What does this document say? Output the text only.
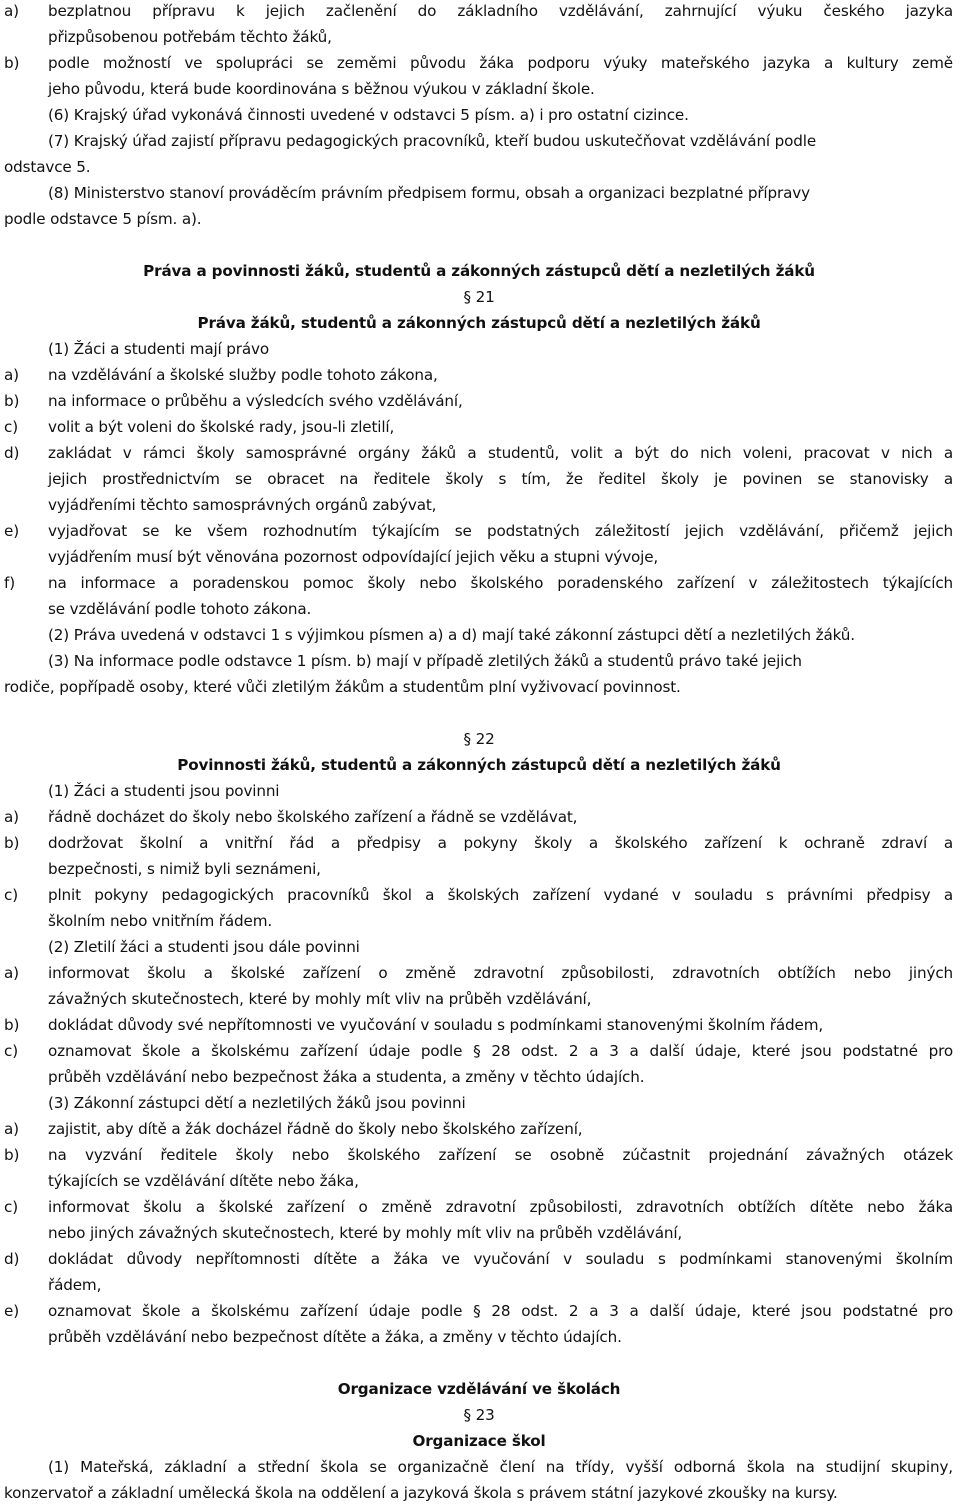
a) bezplatnou přípravu k jejich začlenění do základního vzdělávání, zahrnující výuku českého jazyka
přizpůsobenou potřebám těchto žáků,
b) podle možností ve spolupráci se zeměmi původu žáka podporu výuky mateřského jazyka a kultury země
jeho původu, která bude koordinována s běžnou výukou v základní škole.
(6) Krajský úřad vykonává činnosti uvedené v odstavci 5 písm. a) i pro ostatní cizince.
(7) Krajský úřad zajistí přípravu pedagogických pracovníků, kteří budou uskutečňovat vzdělávání podle
odstavce 5.
(8) Ministerstvo stanoví prováděcím právním předpisem formu, obsah a organizaci bezplatné přípravy
podle odstavce 5 písm. a).
Práva a povinnosti žáků, studentů a zákonných zástupců dětí a nezletilých žáků
§ 21
Práva žáků, studentů a zákonných zástupců dětí a nezletilých žáků
(1) Žáci a studenti mají právo
a) na vzdělávání a školské služby podle tohoto zákona,
b) na informace o průběhu a výsledcích svého vzdělávání,
c) volit a být voleni do školské rady, jsou-li zletilí,
d) zakládat v rámci školy samosprávné orgány žáků a studentů, volit a být do nich voleni, pracovat v nich a
jejich prostřednictvím se obracet na ředitele školy s tím, že ředitel školy je povinen se stanovisky a
vyjádřeními těchto samosprávných orgánů zabývat,
e) vyjadřovat se ke všem rozhodnutím týkajícím se podstatných záležitostí jejich vzdělávání, přičemž jejich
vyjádřením musí být věnována pozornost odpovídající jejich věku a stupni vývoje,
f) na informace a poradenskou pomoc školy nebo školského poradenského zařízení v záležitostech týkajících
se vzdělávání podle tohoto zákona.
(2) Práva uvedená v odstavci 1 s výjimkou písmen a) a d) mají také zákonní zástupci dětí a nezletilých žáků.
(3) Na informace podle odstavce 1 písm. b) mají v případě zletilých žáků a studentů právo také jejich
rodiče, popřípadě osoby, které vůči zletilým žákům a studentům plní vyživovací povinnost.
§ 22
Povinnosti žáků, studentů a zákonných zástupců dětí a nezletilých žáků
(1) Žáci a studenti jsou povinni
a) řádně docházet do školy nebo školského zařízení a řádně se vzdělávat,
b) dodržovat školní a vnitřní řád a předpisy a pokyny školy a školského zařízení k ochraně zdraví a
bezpečnosti, s nimiž byli seznámeni,
c) plnit pokyny pedagogických pracovníků škol a školských zařízení vydané v souladu s právními předpisy a
školním nebo vnitřním řádem.
(2) Zletilí žáci a studenti jsou dále povinni
a) informovat školu a školské zařízení o změně zdravotní způsobilosti, zdravotních obtížích nebo jiných
závažných skutečnostech, které by mohly mít vliv na průběh vzdělávání,
b) dokládat důvody své nepřítomnosti ve vyučování v souladu s podmínkami stanovenými školním řádem,
c) oznamovat škole a školskému zařízení údaje podle § 28 odst. 2 a 3 a další údaje, které jsou podstatné pro
průběh vzdělávání nebo bezpečnost žáka a studenta, a změny v těchto údajích.
(3) Zákonní zástupci dětí a nezletilých žáků jsou povinni
a) zajistit, aby dítě a žák docházel řádně do školy nebo školského zařízení,
b) na vyzvání ředitele školy nebo školského zařízení se osobně zúčastnit projednání závažných otázek
týkajících se vzdělávání dítěte nebo žáka,
c) informovat školu a školské zařízení o změně zdravotní způsobilosti, zdravotních obtížích dítěte nebo žáka
nebo jiných závažných skutečnostech, které by mohly mít vliv na průběh vzdělávání,
d) dokládat důvody nepřítomnosti dítěte a žáka ve vyučování v souladu s podmínkami stanovenými školním
řádem,
e) oznamovat škole a školskému zařízení údaje podle § 28 odst. 2 a 3 a další údaje, které jsou podstatné pro
průběh vzdělávání nebo bezpečnost dítěte a žáka, a změny v těchto údajích.
Organizace vzdělávání ve školách
§ 23
Organizace škol
(1) Mateřská, základní a střední škola se organizačně člení na třídy, vyšší odborná škola na studijní skupiny,
konzervatoř a základní umělecká škola na oddělení a jazyková škola s právem státní jazykové zkoušky na kursy.
